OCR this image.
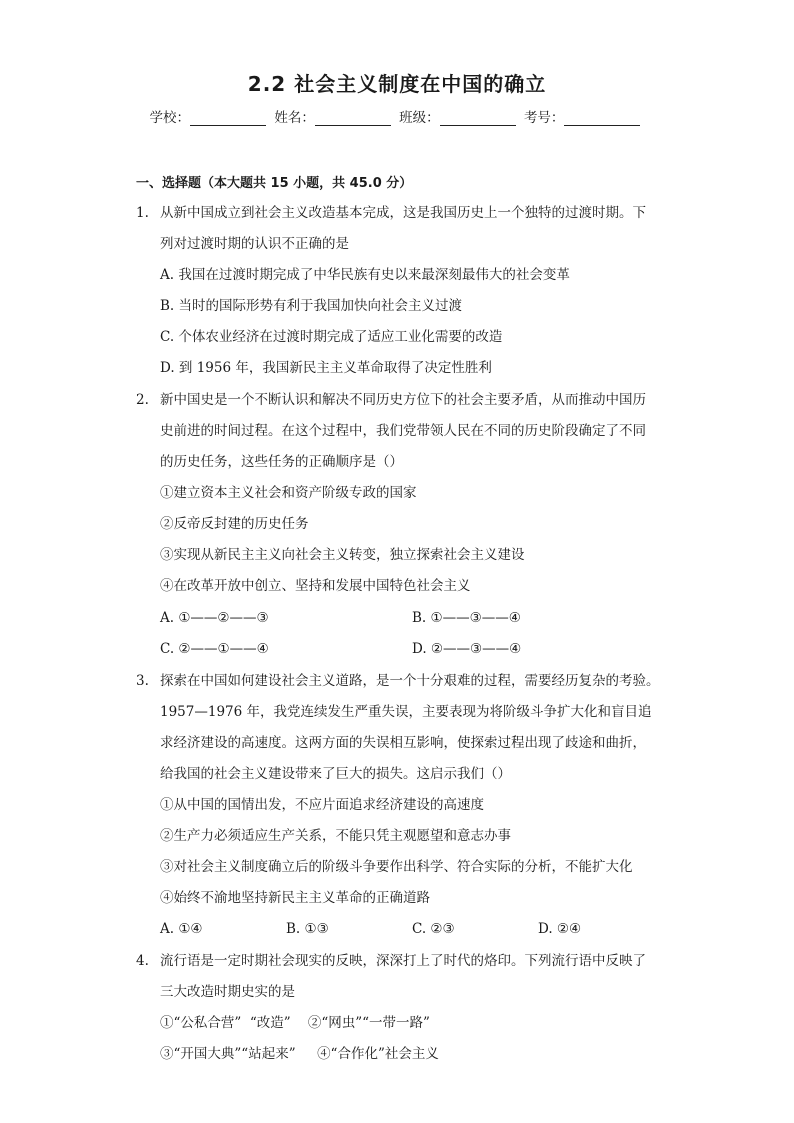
2.2 社会主义制度在中国的确立
学校：	姓名：	班级：	考号：
一、选择题（本大题共 15 小题，共 45.0 分）
1. 从新中国成立到社会主义改造基本完成，这是我国历史上一个独特的过渡时期。下
列对过渡时期的认识不正确的是
A. 我国在过渡时期完成了中华民族有史以来最深刻最伟大的社会变革
B. 当时的国际形势有利于我国加快向社会主义过渡
C. 个体农业经济在过渡时期完成了适应工业化需要的改造
D. 到 1956 年，我国新民主主义革命取得了决定性胜利
2. 新中国史是一个不断认识和解决不同历史方位下的社会主要矛盾，从而推动中国历
史前进的时间过程。在这个过程中，我们党带领人民在不同的历史阶段确定了不同
的历史任务，这些任务的正确顺序是（）
①建立资本主义社会和资产阶级专政的国家
②反帝反封建的历史任务
③实现从新民主主义向社会主义转变，独立探索社会主义建设
④在改革开放中创立、坚持和发展中国特色社会主义
A. ①——②——③	B. ①——③——④
C. ②——①——④	D. ②——③——④
3. 探索在中国如何建设社会主义道路，是一个十分艰难的过程，需要经历复杂的考验。
1957—1976 年，我党连续发生严重失误，主要表现为将阶级斗争扩大化和盲目追
求经济建设的高速度。这两方面的失误相互影响，使探索过程出现了歧途和曲折，
给我国的社会主义建设带来了巨大的损失。这启示我们（）
①从中国的国情出发，不应片面追求经济建设的高速度
②生产力必须适应生产关系，不能只凭主观愿望和意志办事
③对社会主义制度确立后的阶级斗争要作出科学、符合实际的分析，不能扩大化
④始终不渝地坚持新民主主义革命的正确道路
A. ①④	B. ①③	C. ②③	D. ②④
4. 流行语是一定时期社会现实的反映，深深打上了时代的烙印。下列流行语中反映了
三大改造时期史实的是
①“公私合营”  “改造”    ②“网虫”“一带一路”
③“开国大典”“站起来”     ④“合作化”社会主义
